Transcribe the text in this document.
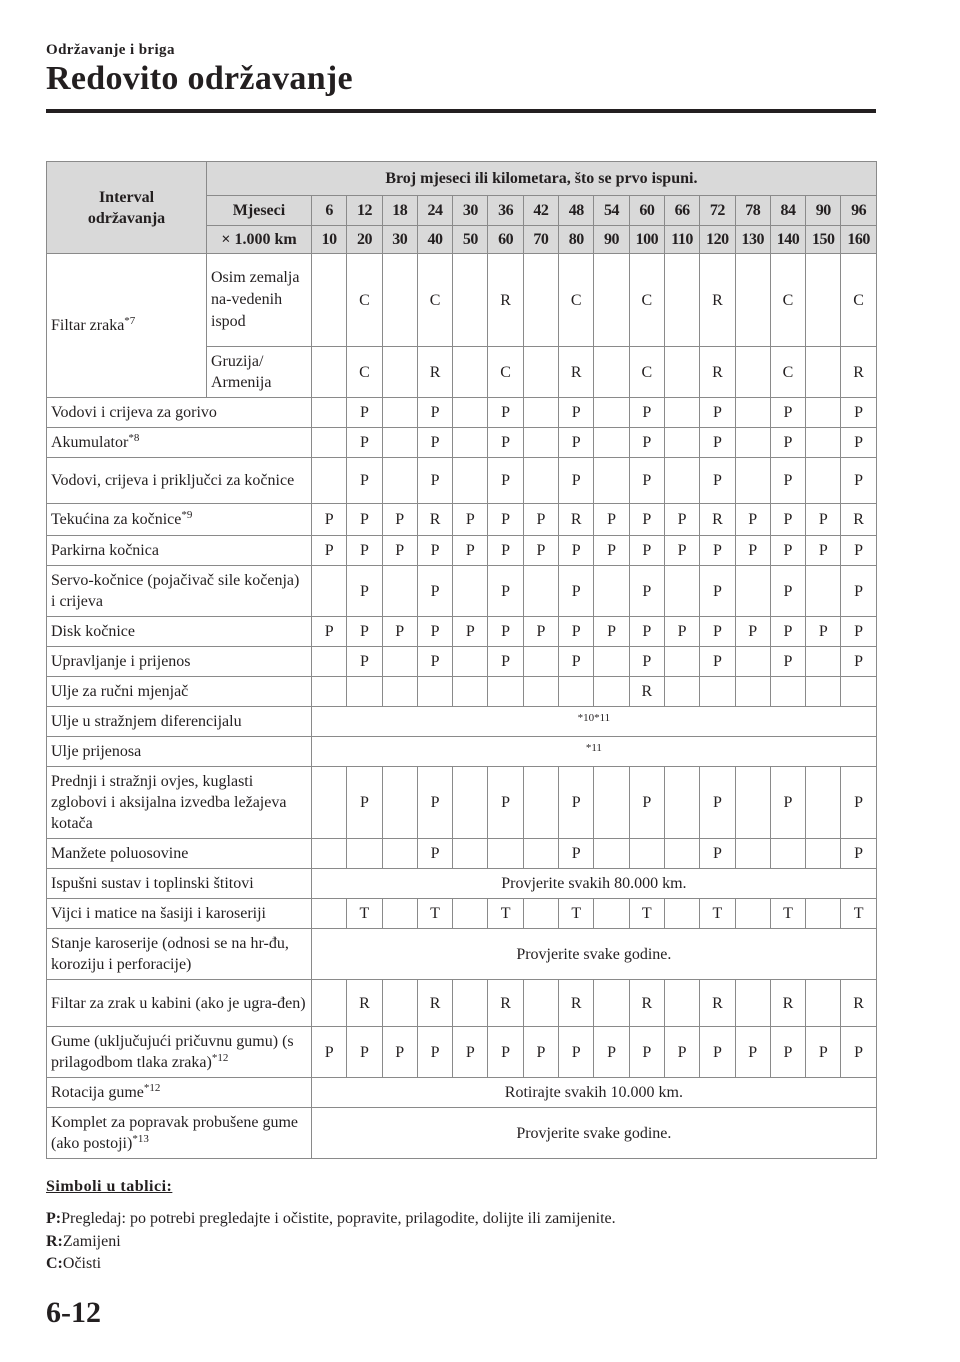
Održavanje i briga
Redovito održavanje
Interval održavanja	Broj mjeseci ili kilometara, što se prvo ispuni.																
	Mjeseci	6	12	18	24	30	36	42	48	54	60	66	72	78	84	90	96
	× 1.000 km	10	20	30	40	50	60	70	80	90	100	110	120	130	140	150	160
Filtar zraka$^{*7}$	Osim zemalja na-vedenih ispod		C		C		R		C		C		R		C		C
	Gruzija/ Armenija		C		R		C		R		C		R		C		R
Vodovi i crijeva za gorivo			P		P		P		P		P		P		P		P
Akumulator$^{*8}$			P		P		P		P		P		P		P		P
Vodovi, crijeva i priključci za kočnice			P		P		P		P		P		P		P		P
Tekućina za kočnice$^{*9}$		P	P	P	R	P	P	P	R	P	P	P	R	P	P	P	R
Parkirna kočnica		P	P	P	P	P	P	P	P	P	P	P	P	P	P	P	P
Servo-kočnice (pojačivač sile kočenja) i crijeva			P		P		P		P		P		P		P		P
Disk kočnice		P	P	P	P	P	P	P	P	P	P	P	P	P	P	P	P
Upravljanje i prijenos			P		P		P		P		P		P		P		P
Ulje za ručni mjenjač											R						
Ulje u stražnjem diferencijalu		$^{*10*11}$
Ulje prijenosa		$^{*11}$
Prednji i stražnji ovjes, kuglasti zglobovi i aksijalna izvedba ležajeva kotača			P		P		P		P		P		P		P		P
Manžete poluosovine					P				P				P				P
Ispušni sustav i toplinski štitovi		Provjerite svakih 80.000 km.															
Vijci i matice na šasiji i karoseriji			T		T		T		T		T		T		T		T
Stanje karoserije (odnosi se na hr-đu, koroziju i perforacije)		Provjerite svake godine.															
Filtar za zrak u kabini (ako je ugra-đen)			R		R		R		R		R		R		R		R
Gume (uključujući pričuvnu gumu) (s prilagodbom tlaka zraka)$^{*12}$		P	P	P	P	P	P	P	P	P	P	P	P	P	P	P	P
Rotacija gume$^{*12}$		Rotirajte svakih 10.000 km.															
Komplet za popravak probušene gume (ako postoji)$^{*13}$		Provjerite svake godine.															
Simboli u tablici:
P:Pregledaj: po potrebi pregledajte i očistite, popravite, prilagodite, dolijte ili zamijenite.
R:Zamijeni
C:Očisti
6-12
